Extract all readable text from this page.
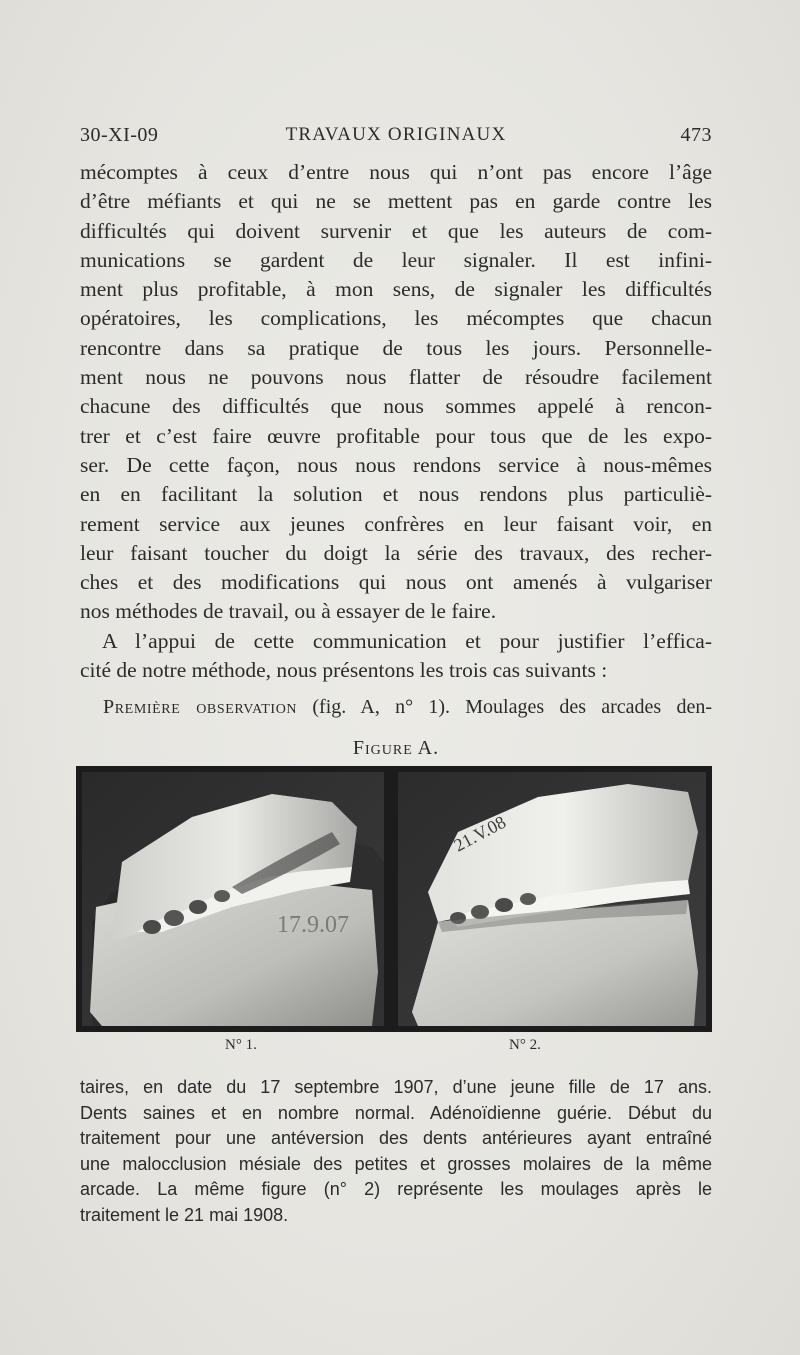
30-XI-09	TRAVAUX ORIGINAUX	473
mécomptes à ceux d’entre nous qui n’ont pas encore l’âge
d’être méfiants et qui ne se mettent pas en garde contre les
difficultés qui doivent survenir et que les auteurs de com-
munications se gardent de leur signaler. Il est infini-
ment plus profitable, à mon sens, de signaler les difficultés
opératoires, les complications, les mécomptes que chacun
rencontre dans sa pratique de tous les jours. Personnelle-
ment nous ne pouvons nous flatter de résoudre facilement
chacune des difficultés que nous sommes appelé à rencon-
trer et c’est faire œuvre profitable pour tous que de les expo-
ser. De cette façon, nous nous rendons service à nous-mêmes
en en facilitant la solution et nous rendons plus particuliè-
rement service aux jeunes confrères en leur faisant voir, en
leur faisant toucher du doigt la série des travaux, des recher-
ches et des modifications qui nous ont amenés à vulgariser
nos méthodes de travail, ou à essayer de le faire.
A l’appui de cette communication et pour justifier l’effica-
cité de notre méthode, nous présentons les trois cas suivants :
Première observation (fig. A, n° 1). Moulages des arcades den-
Figure A.
17.9.07
21.V.08
N° 1.	N° 2.
taires, en date du 17 septembre 1907, d’une jeune fille de 17 ans.
Dents saines et en nombre normal. Adénoïdienne guérie. Début du
traitement pour une antéversion des dents antérieures ayant entraîné
une malocclusion mésiale des petites et grosses molaires de la même
arcade. La même figure (n° 2) représente les moulages après le
traitement le 21 mai 1908.
